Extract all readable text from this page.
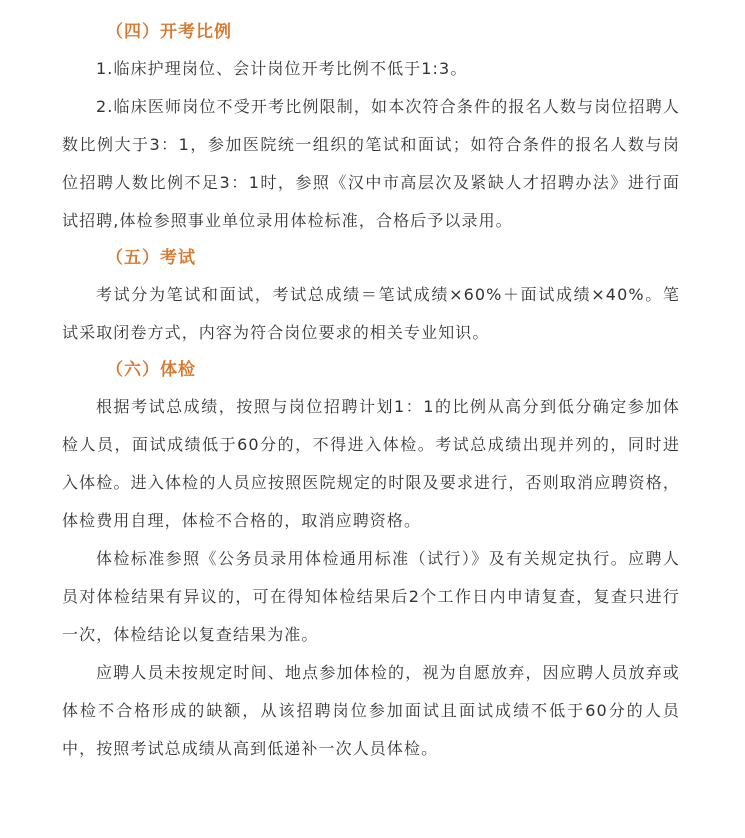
（四）开考比例

1.临床护理岗位、会计岗位开考比例不低于1:3。

2.临床医师岗位不受开考比例限制，如本次符合条件的报名人数与岗位招聘人数比例大于3：1，参加医院统一组织的笔试和面试；如符合条件的报名人数与岗位招聘人数比例不足3：1时，参照《汉中市高层次及紧缺人才招聘办法》进行面试招聘,体检参照事业单位录用体检标准，合格后予以录用。

（五）考试

考试分为笔试和面试，考试总成绩＝笔试成绩×60%＋面试成绩×40%。笔试采取闭卷方式，内容为符合岗位要求的相关专业知识。

（六）体检

根据考试总成绩，按照与岗位招聘计划1：1的比例从高分到低分确定参加体检人员，面试成绩低于60分的，不得进入体检。考试总成绩出现并列的，同时进入体检。进入体检的人员应按照医院规定的时限及要求进行，否则取消应聘资格，体检费用自理，体检不合格的，取消应聘资格。

体检标准参照《公务员录用体检通用标准（试行）》及有关规定执行。应聘人员对体检结果有异议的，可在得知体检结果后2个工作日内申请复查，复查只进行一次，体检结论以复查结果为准。

应聘人员未按规定时间、地点参加体检的，视为自愿放弃，因应聘人员放弃或体检不合格形成的缺额，从该招聘岗位参加面试且面试成绩不低于60分的人员中，按照考试总成绩从高到低递补一次人员体检。
